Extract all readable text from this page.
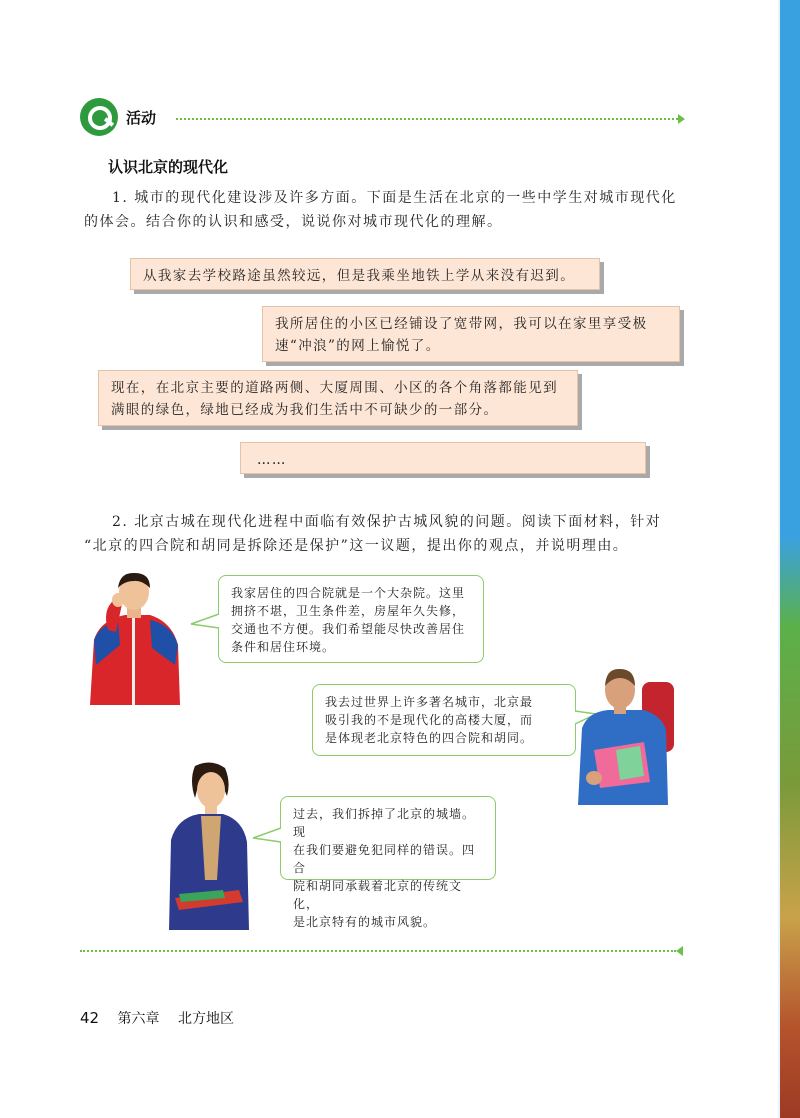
活动
认识北京的现代化
1. 城市的现代化建设涉及许多方面。下面是生活在北京的一些中学生对城市现代化
的体会。结合你的认识和感受，说说你对城市现代化的理解。
从我家去学校路途虽然较远，但是我乘坐地铁上学从来没有迟到。
我所居住的小区已经铺设了宽带网，我可以在家里享受极
速“冲浪”的网上愉悦了。
现在，在北京主要的道路两侧、大厦周围、小区的各个角落都能见到
满眼的绿色，绿地已经成为我们生活中不可缺少的一部分。
……
2. 北京古城在现代化进程中面临有效保护古城风貌的问题。阅读下面材料，针对
“北京的四合院和胡同是拆除还是保护”这一议题，提出你的观点，并说明理由。
我家居住的四合院就是一个大杂院。这里
拥挤不堪，卫生条件差，房屋年久失修，
交通也不方便。我们希望能尽快改善居住
条件和居住环境。
我去过世界上许多著名城市，北京最
吸引我的不是现代化的高楼大厦，而
是体现老北京特色的四合院和胡同。
过去，我们拆掉了北京的城墙。现
在我们要避免犯同样的错误。四合
院和胡同承载着北京的传统文化，
是北京特有的城市风貌。
42 第六章 北方地区
